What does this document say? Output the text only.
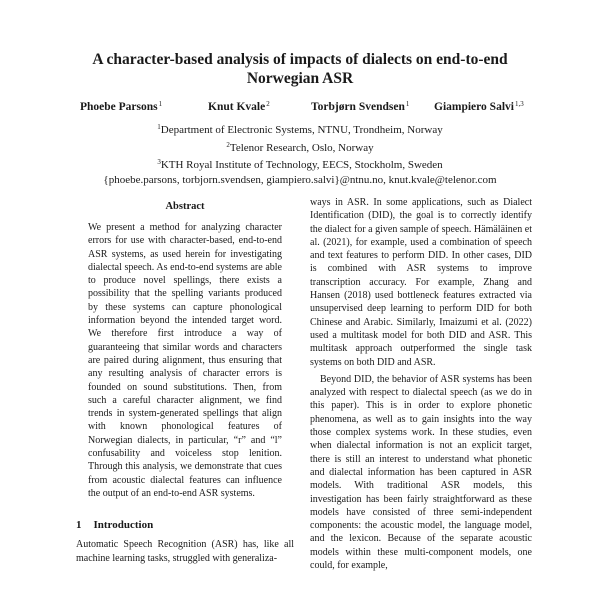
A character-based analysis of impacts of dialects on end-to-end
Norwegian ASR
Phoebe Parsons$^1$	Knut Kvale$^2$	Torbjørn Svendsen$^1$ Giampiero Salvi$^{1,3}$
$^1$Department of Electronic Systems, NTNU, Trondheim, Norway
$^2$Telenor Research, Oslo, Norway
$^3$KTH Royal Institute of Technology, EECS, Stockholm, Sweden
{phoebe.parsons, torbjorn.svendsen, giampiero.salvi}@ntnu.no, knut.kvale@telenor.com
Abstract
We present a method for analyzing character errors for use with character-based, end-to-end ASR systems, as used herein for investigating dialectal speech. As end-to-end systems are able to produce novel spellings, there exists a possibility that the spelling variants produced by these systems can capture phonological information beyond the intended target word. We therefore first introduce a way of guaranteeing that similar words and characters are paired during alignment, thus ensuring that any resulting analysis of character errors is founded on sound substitutions. Then, from such a careful character alignment, we find trends in system-generated spellings that align with known phonological features of Norwegian dialects, in particular, “r” and “l” confusability and voiceless stop lenition. Through this analysis, we demonstrate that cues from acoustic dialectal features can influence the output of an end-to-end ASR systems.
1 Introduction
Automatic Speech Recognition (ASR) has, like all machine learning tasks, struggled with generaliza-

ways in ASR. In some applications, such as Dialect Identification (DID), the goal is to correctly identify the dialect for a given sample of speech. Hämäläinen et al. (2021), for example, used a combination of speech and text features to perform DID. In other cases, DID is combined with ASR systems to improve transcription accuracy. For example, Zhang and Hansen (2018) used bottleneck features extracted via unsupervised deep learning to perform DID for both Chinese and Arabic. Similarly, Imaizumi et al. (2022) used a multitask model for both DID and ASR. This multitask approach outperformed the single task systems on both DID and ASR.

Beyond DID, the behavior of ASR systems has been analyzed with respect to dialectal speech (as we do in this paper). This is in order to explore phonetic phenomena, as well as to gain insights into the way those complex systems work. In these studies, even when dialectal information is not an explicit target, there is still an interest to understand what phonetic and dialectal information has been captured in ASR models. With traditional ASR models, this investigation has been fairly straightforward as these models have consisted of three semi-independent components: the acoustic model, the language model, and the lexicon. Because of the separate acoustic models within these multi-component models, one could, for example,
